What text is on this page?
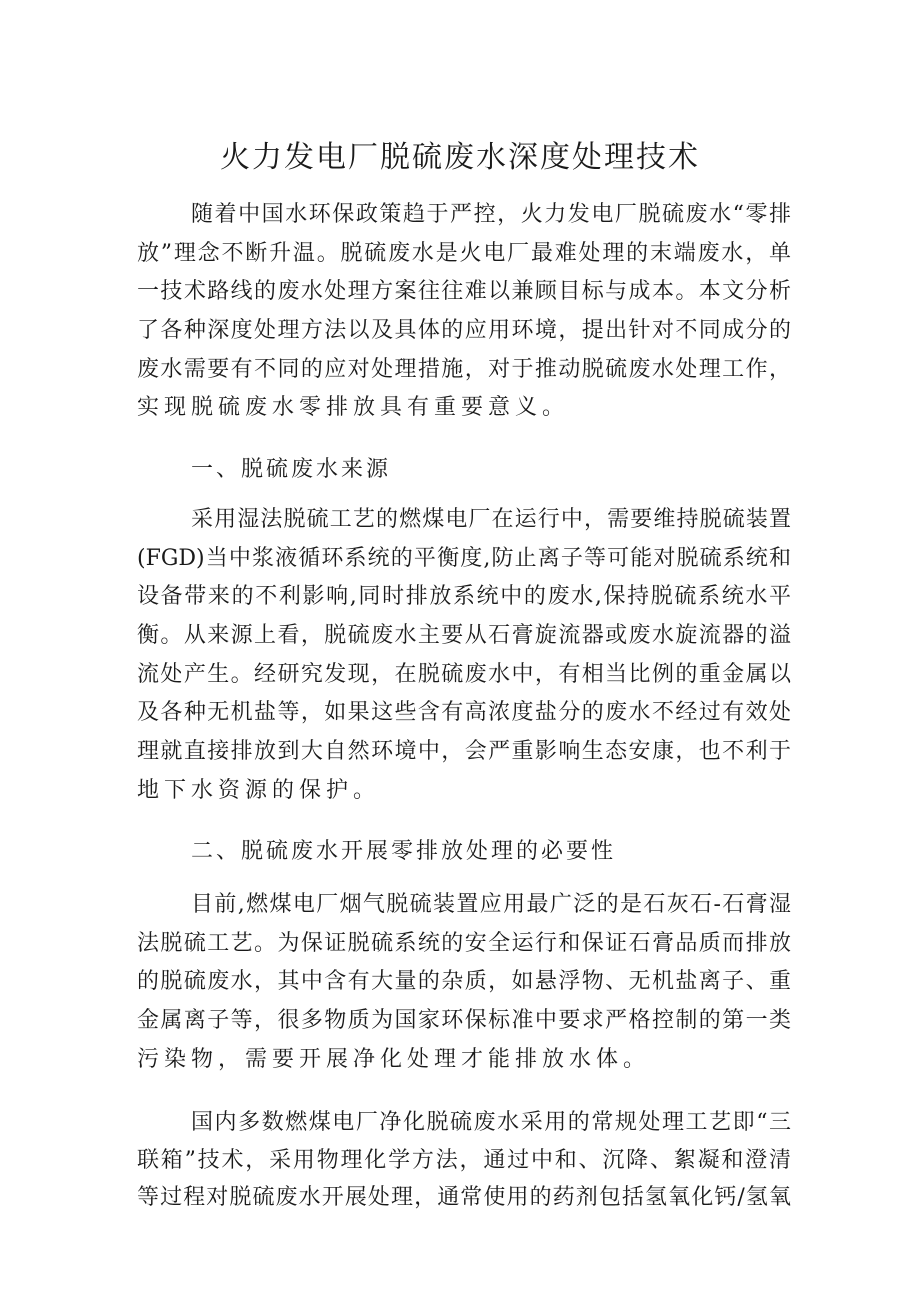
火力发电厂脱硫废水深度处理技术
随着中国水环保政策趋于严控，火力发电厂脱硫废水“零排
放”理念不断升温。脱硫废水是火电厂最难处理的末端废水，单
一技术路线的废水处理方案往往难以兼顾目标与成本。本文分析
了各种深度处理方法以及具体的应用环境，提出针对不同成分的
废水需要有不同的应对处理措施，对于推动脱硫废水处理工作，
实现脱硫废水零排放具有重要意义。
一、脱硫废水来源
采用湿法脱硫工艺的燃煤电厂在运行中，需要维持脱硫装置
(FGD)当中浆液循环系统的平衡度,防止离子等可能对脱硫系统和
设备带来的不利影响,同时排放系统中的废水,保持脱硫系统水平
衡。从来源上看，脱硫废水主要从石膏旋流器或废水旋流器的溢
流处产生。经研究发现，在脱硫废水中，有相当比例的重金属以
及各种无机盐等，如果这些含有高浓度盐分的废水不经过有效处
理就直接排放到大自然环境中，会严重影响生态安康，也不利于
地下水资源的保护。
二、脱硫废水开展零排放处理的必要性
目前,燃煤电厂烟气脱硫装置应用最广泛的是石灰石-石膏湿
法脱硫工艺。为保证脱硫系统的安全运行和保证石膏品质而排放
的脱硫废水，其中含有大量的杂质，如悬浮物、无机盐离子、重
金属离子等，很多物质为国家环保标准中要求严格控制的第一类
污染物，需要开展净化处理才能排放水体。
国内多数燃煤电厂净化脱硫废水采用的常规处理工艺即“三
联箱”技术，采用物理化学方法，通过中和、沉降、絮凝和澄清
等过程对脱硫废水开展处理，通常使用的药剂包括氢氧化钙/氢氧
